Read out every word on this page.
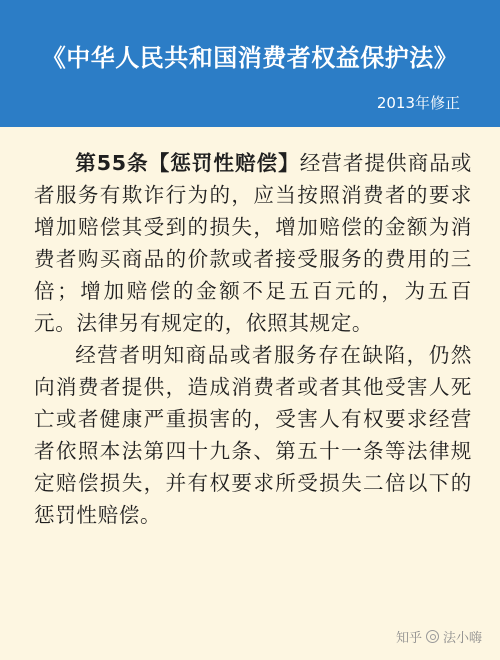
《中华人民共和国消费者权益保护法》
2013年修正

第55条【惩罚性赔偿】经营者提供商品或者服务有欺诈行为的，应当按照消费者的要求增加赔偿其受到的损失，增加赔偿的金额为消费者购买商品的价款或者接受服务的费用的三倍；增加赔偿的金额不足五百元的，为五百元。法律另有规定的，依照其规定。

经营者明知商品或者服务存在缺陷，仍然向消费者提供，造成消费者或者其他受害人死亡或者健康严重损害的，受害人有权要求经营者依照本法第四十九条、第五十一条等法律规定赔偿损失，并有权要求所受损失二倍以下的惩罚性赔偿。

知乎 法小嗨
